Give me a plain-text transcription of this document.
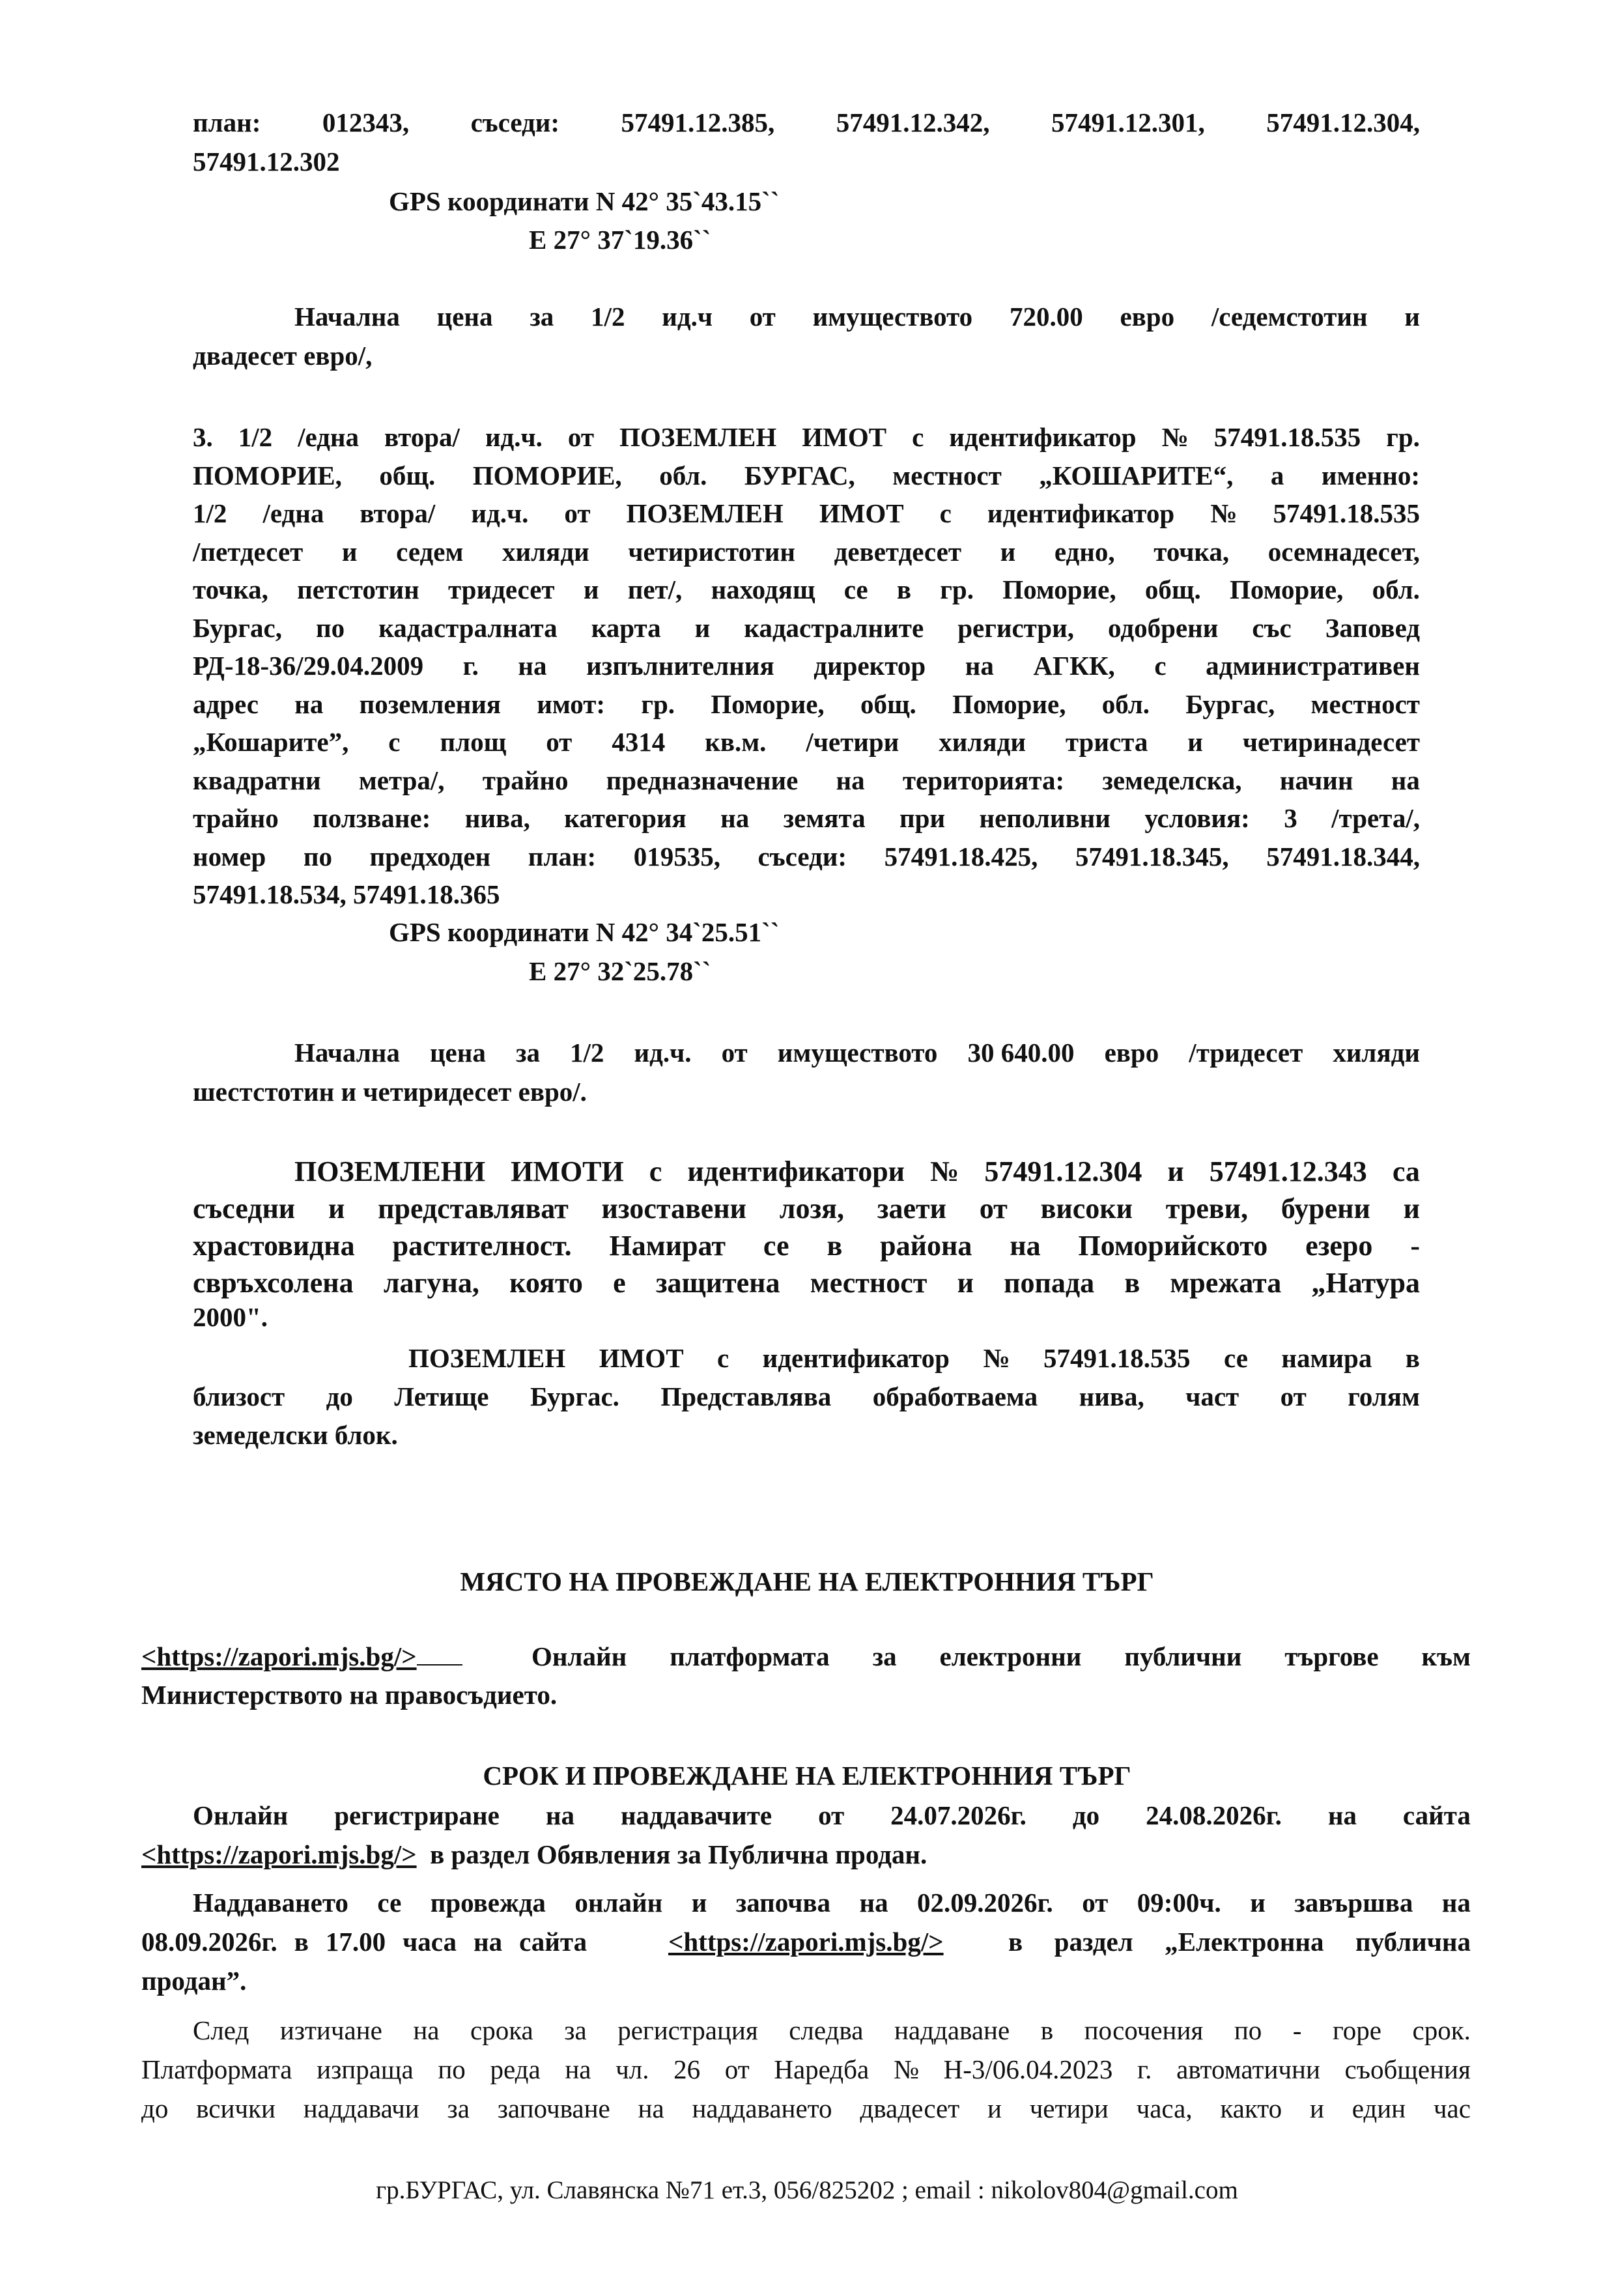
план: 012343, съседи: 57491.12.385, 57491.12.342, 57491.12.301, 57491.12.304,
57491.12.302
GPS координати N 42° 35`43.15``
E 27° 37`19.36``
Начална цена за 1/2 ид.ч от имуществото 720.00 евро /седемстотин и
двадесет евро/,
3. 1/2 /една втора/ ид.ч. от ПОЗЕМЛЕН ИМОТ с идентификатор № 57491.18.535 гр.
ПОМОРИЕ, общ. ПОМОРИЕ, обл. БУРГАС, местност „КОШАРИТЕ“, а именно:
1/2 /една втора/ ид.ч. от ПОЗЕМЛЕН ИМОТ с идентификатор № 57491.18.535
/петдесет и седем хиляди четиристотин деветдесет и едно, точка, осемнадесет,
точка, петстотин тридесет и пет/, находящ се в гр. Поморие, общ. Поморие, обл.
Бургас, по кадастралната карта и кадастралните регистри, одобрени със Заповед
РД-18-36/29.04.2009 г. на изпълнителния директор на АГКК, с административен
адрес на поземления имот: гр. Поморие, общ. Поморие, обл. Бургас, местност
„Кошарите”, с площ от 4314 кв.м. /четири хиляди триста и четиринадесет
квадратни метра/, трайно предназначение на територията: земеделска, начин на
трайно ползване: нива, категория на земята при неполивни условия: 3 /трета/,
номер по предходен план: 019535, съседи: 57491.18.425, 57491.18.345, 57491.18.344,
57491.18.534, 57491.18.365
GPS координати N 42° 34`25.51``
E 27° 32`25.78``
Начална цена за 1/2 ид.ч. от имуществото 30 640.00 евро /тридесет хиляди
шестстотин и четиридесет евро/.
ПОЗЕМЛЕНИ ИМОТИ с идентификатори № 57491.12.304 и 57491.12.343 са
съседни и представляват изоставени лозя, заети от високи треви, бурени и
храстовидна растителност. Намират се в района на Поморийското езеро -
свръхсолена лагуна, която е защитена местност и попада в мрежата „Натура
2000".
ПОЗЕМЛЕН ИМОТ с идентификатор № 57491.18.535 се намира в
близост до Летище Бургас. Представлява обработваема нива, част от голям
земеделски блок.
МЯСТО НА ПРОВЕЖДАНЕ НА ЕЛЕКТРОННИЯ ТЪРГ
<https://zapori.mjs.bg/>	Онлайн платформата за електронни публични търгове към
Министерството на правосъдието.
СРОК И ПРОВЕЖДАНЕ НА ЕЛЕКТРОННИЯ ТЪРГ
Онлайн регистриране на наддавачите от 24.07.2026г. до 24.08.2026г. на сайта
<https://zapori.mjs.bg/> в раздел Обявления за Публична продан.
Наддаването се провежда онлайн и започва на 02.09.2026г. от 09:00ч. и завършва на
08.09.2026г. в 17.00 часа на сайта	<https://zapori.mjs.bg/> в раздел „Електронна публична
продан”.
След изтичане на срока за регистрация следва наддаване в посочения по - горе срок.
Платформата изпраща по реда на чл. 26 от Наредба № Н-3/06.04.2023 г. автоматични съобщения
до всички наддавачи за започване на наддаването двадесет и четири часа, както и един час
гр.БУРГАС, ул. Славянска №71 ет.3, 056/825202 ; email : nikolov804@gmail.com
